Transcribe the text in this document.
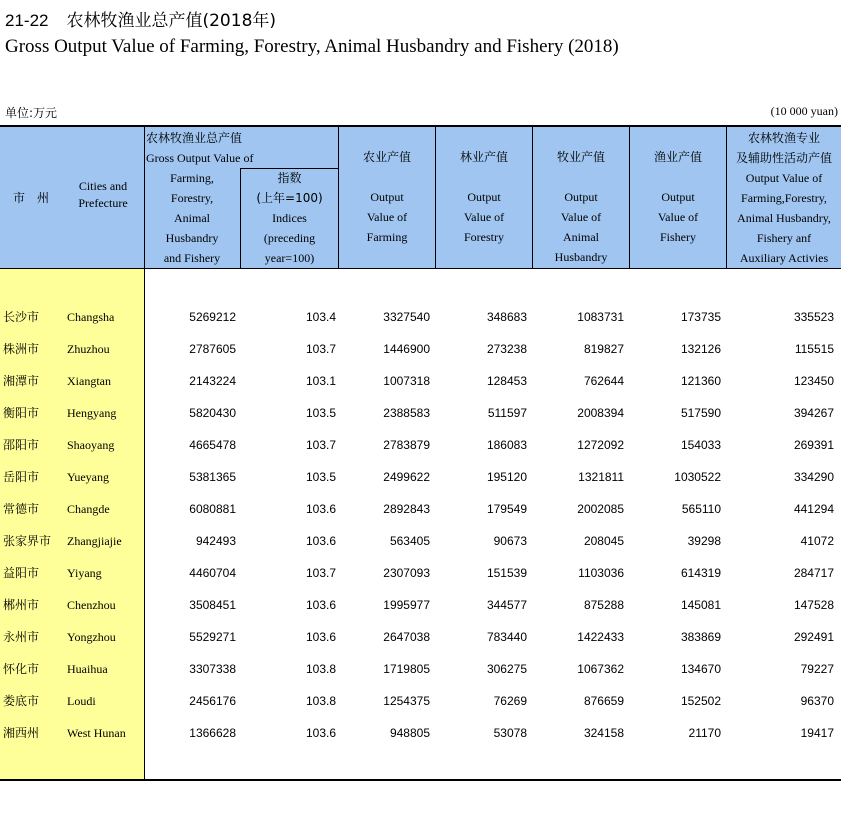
21-22 农林牧渔业总产值(2018年)
Gross Output Value of Farming, Forestry, Animal Husbandry and Fishery (2018)
单位:万元	(10 000 yuan)
市　州
Cities and
Prefecture
农林牧渔业总产值
Gross Output Value of
Farming,
Forestry,
Animal
Husbandry
and Fishery
指数
(上年=100)
Indices
(preceding
year=100)
农业产值
Output
Value of
Farming
林业产值
Output
Value of
Forestry
牧业产值
Output
Value of
Animal
Husbandry
渔业产值
Output
Value of
Fishery
农林牧渔专业
及辅助性活动产值
Output Value of
Farming,Forestry,
Animal Husbandry,
Fishery anf
Auxiliary Activies
长沙市 Changsha	5269212	103.4	3327540	348683	1083731	173735	335523
株洲市 Zhuzhou	2787605	103.7	1446900	273238	819827	132126	115515
湘潭市 Xiangtan	2143224	103.1	1007318	128453	762644	121360	123450
衡阳市 Hengyang	5820430	103.5	2388583	511597	2008394	517590	394267
邵阳市 Shaoyang	4665478	103.7	2783879	186083	1272092	154033	269391
岳阳市 Yueyang	5381365	103.5	2499622	195120	1321811	1030522	334290
常德市 Changde	6080881	103.6	2892843	179549	2002085	565110	441294
张家界市 Zhangjiajie	942493	103.6	563405	90673	208045	39298	41072
益阳市 Yiyang	4460704	103.7	2307093	151539	1103036	614319	284717
郴州市 Chenzhou	3508451	103.6	1995977	344577	875288	145081	147528
永州市 Yongzhou	5529271	103.6	2647038	783440	1422433	383869	292491
怀化市 Huaihua	3307338	103.8	1719805	306275	1067362	134670	79227
娄底市 Loudi	2456176	103.8	1254375	76269	876659	152502	96370
湘西州 West Hunan	1366628	103.6	948805	53078	324158	21170	19417
